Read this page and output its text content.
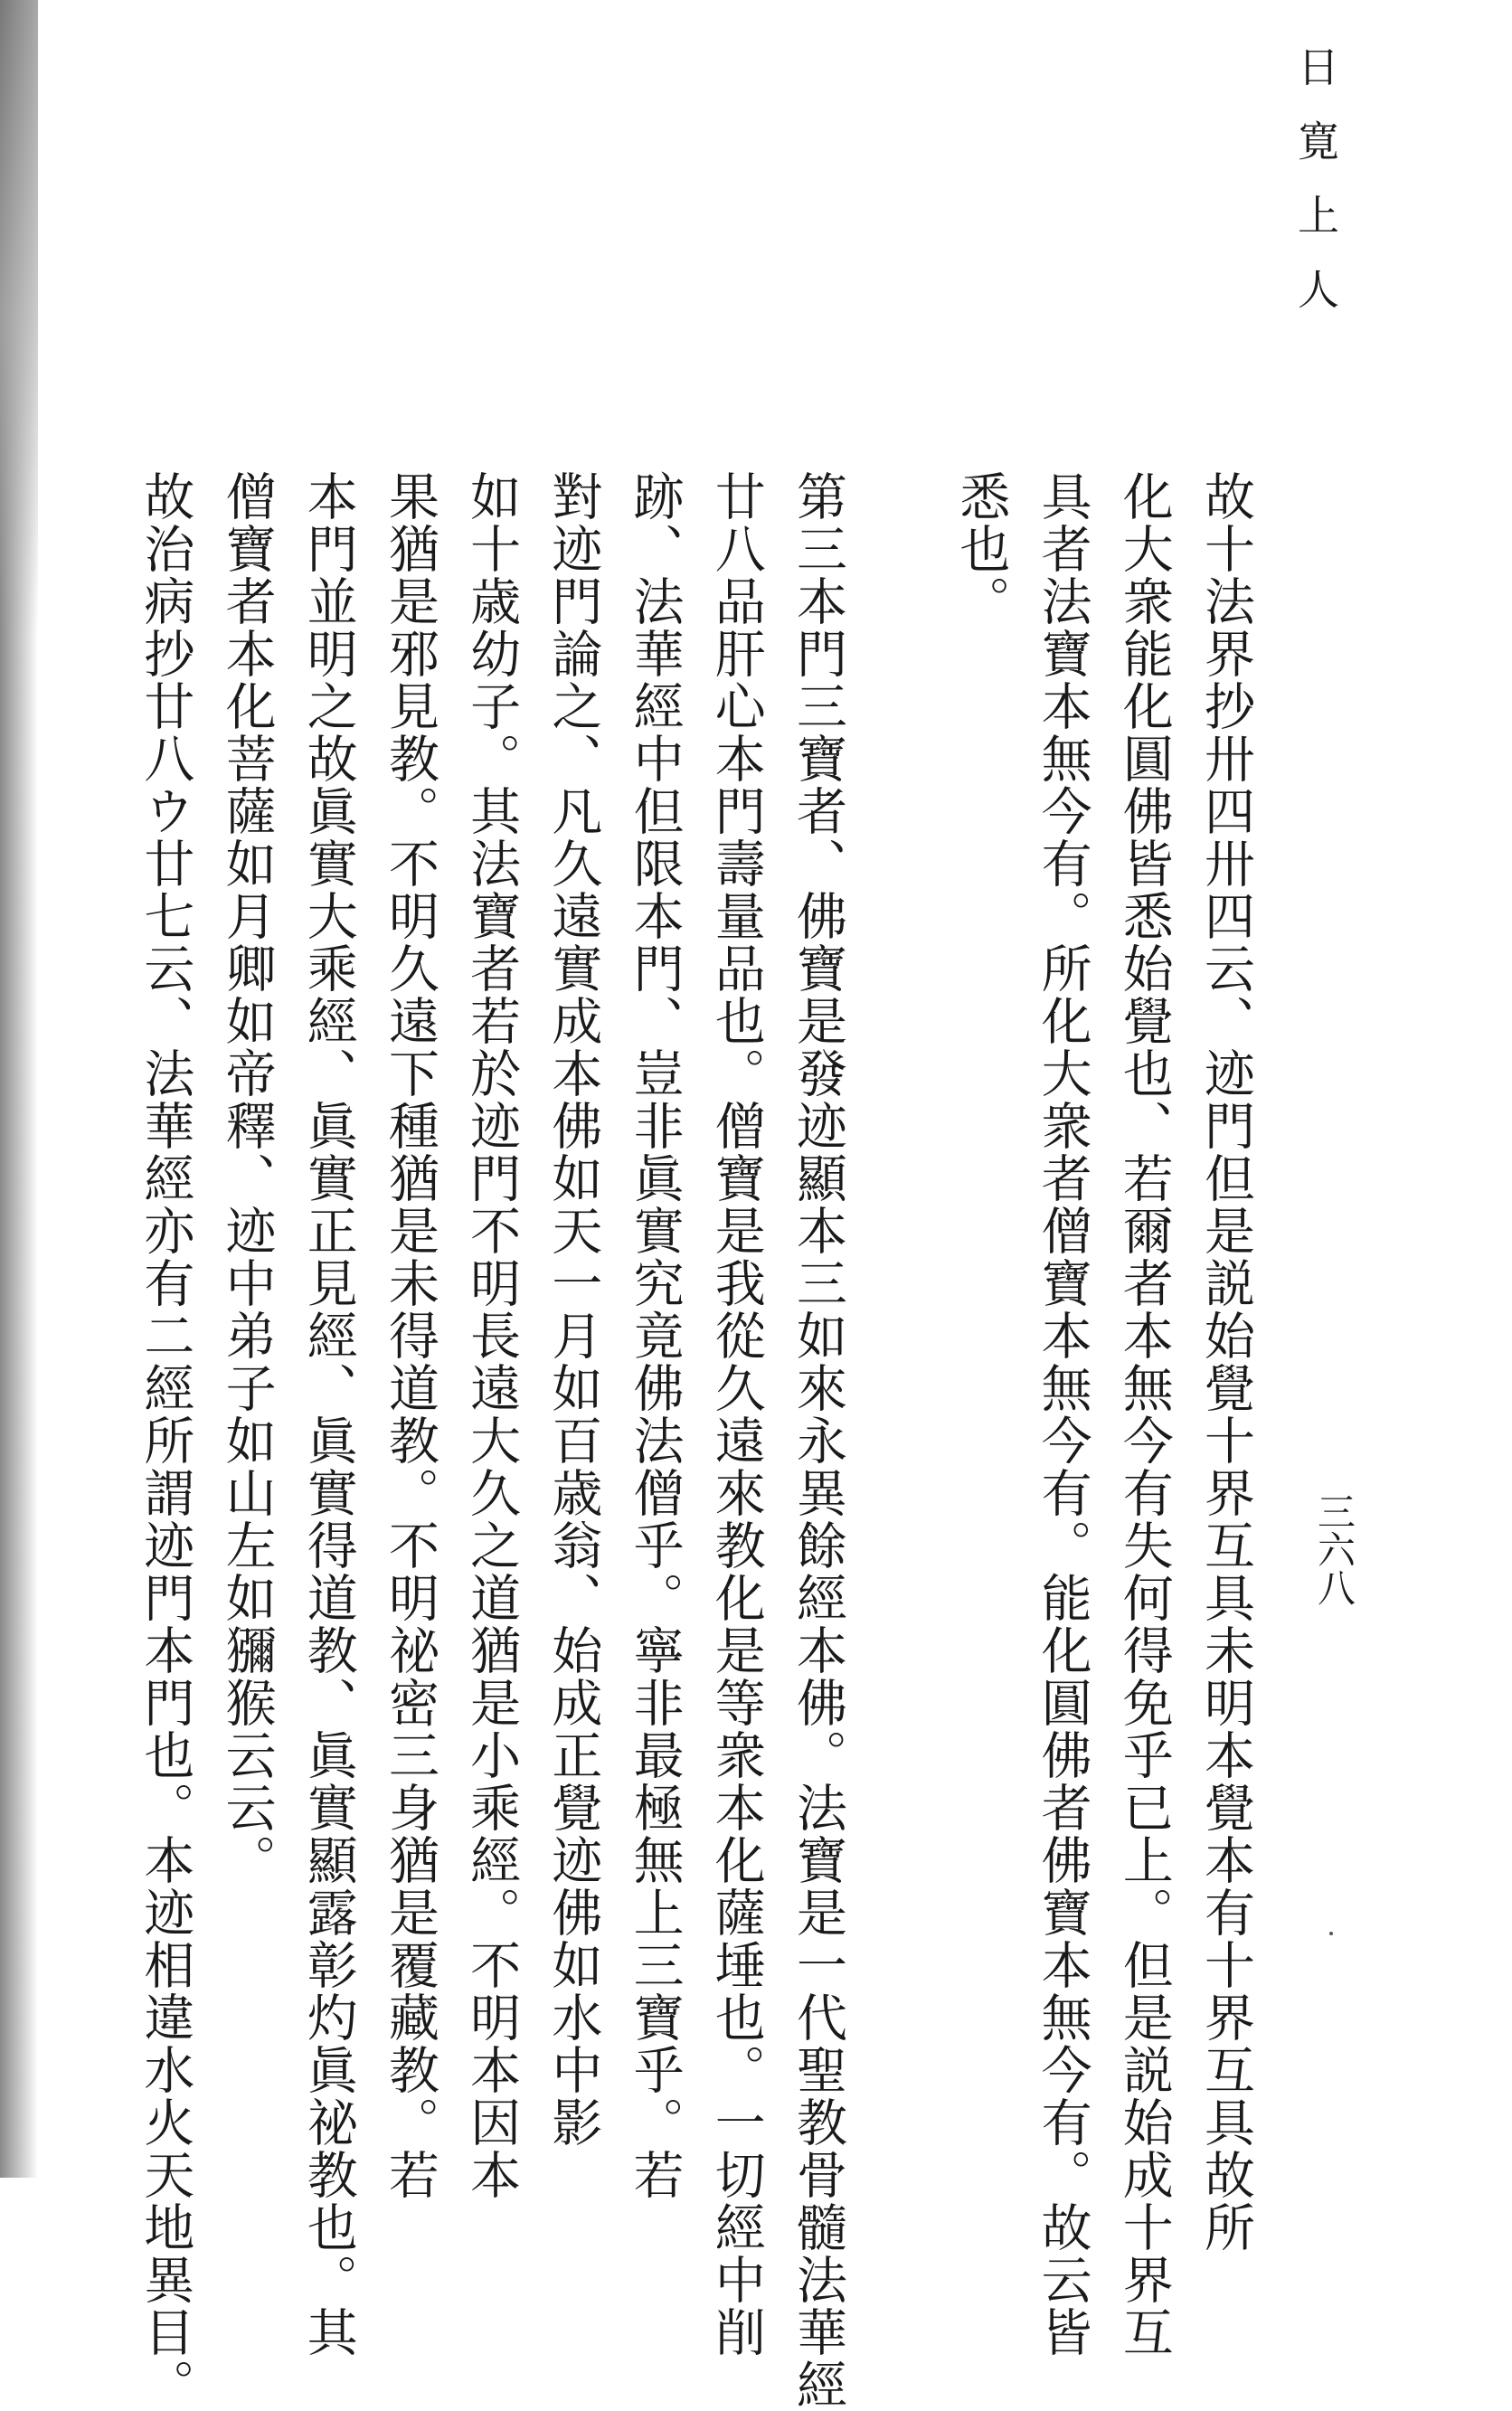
日寛上人
三六八

故十法界抄卅四卅四云、迹門但是説始覺十界互具未明本覺本有十界互具故所

化大衆能化圓佛皆悉始覺也、若爾者本無今有失何得免乎已上。但是説始成十界互

具者法寶本無今有。所化大衆者僧寶本無今有。能化圓佛者佛寶本無今有。故云皆

悉也。

第三本門三寶者、佛寶是發迹顯本三如來永異餘經本佛。法寶是一代聖教骨髓法華經

廿八品肝心本門壽量品也。僧寶是我從久遠來教化是等衆本化薩埵也。一切經中削

跡、法華經中但限本門、豈非眞實究竟佛法僧乎。寧非最極無上三寶乎。若

對迹門論之、凡久遠實成本佛如天一月如百歳翁、始成正覺迹佛如水中影

如十歳幼子。其法寶者若於迹門不明長遠大久之道猶是小乘經。不明本因本

果猶是邪見教。不明久遠下種猶是未得道教。不明祕密三身猶是覆藏教。若

本門並明之故眞實大乘經、眞實正見經、眞實得道教、眞實顯露彰灼眞祕教也。其

僧寶者本化菩薩如月卿如帝釋、迹中弟子如山左如獼猴云云。

故治病抄廿八ウ廿七云、法華經亦有二經所謂迹門本門也。本迹相違水火天地異目。
